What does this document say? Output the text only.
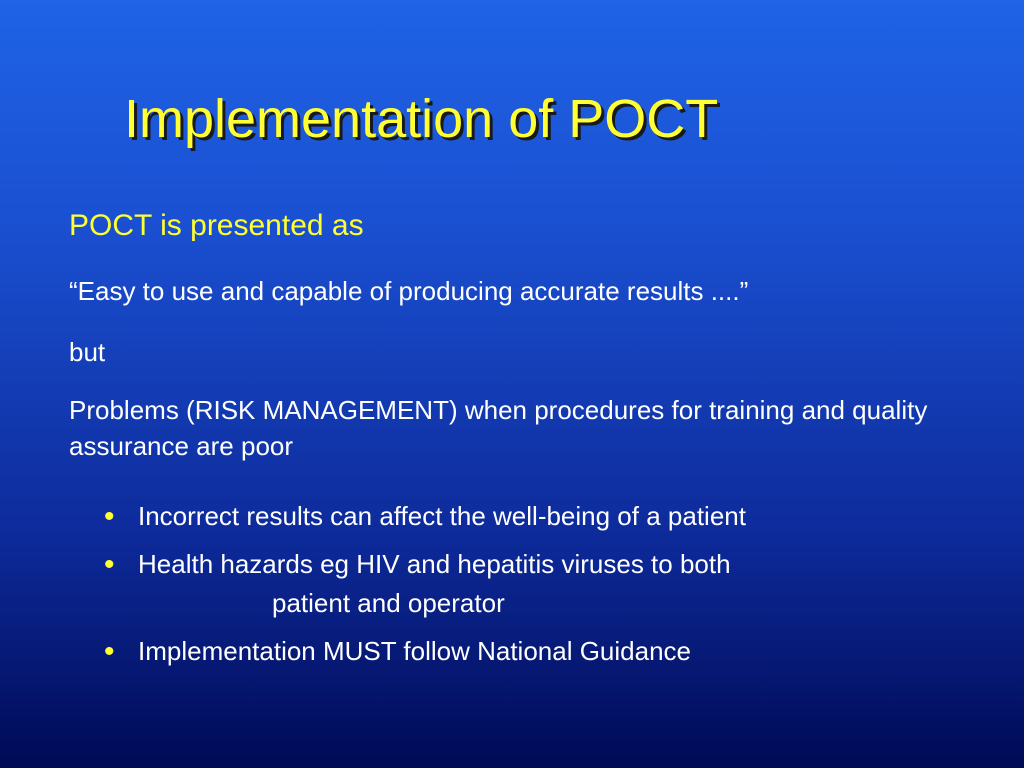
Implementation of POCT
POCT is presented as
“Easy to use and capable of producing accurate results ....”
but
Problems (RISK MANAGEMENT) when procedures for training and quality assurance are poor
• Incorrect results can affect the well-being of a patient
• Health hazards eg HIV and hepatitis viruses to both
patient and operator
• Implementation MUST follow National Guidance
